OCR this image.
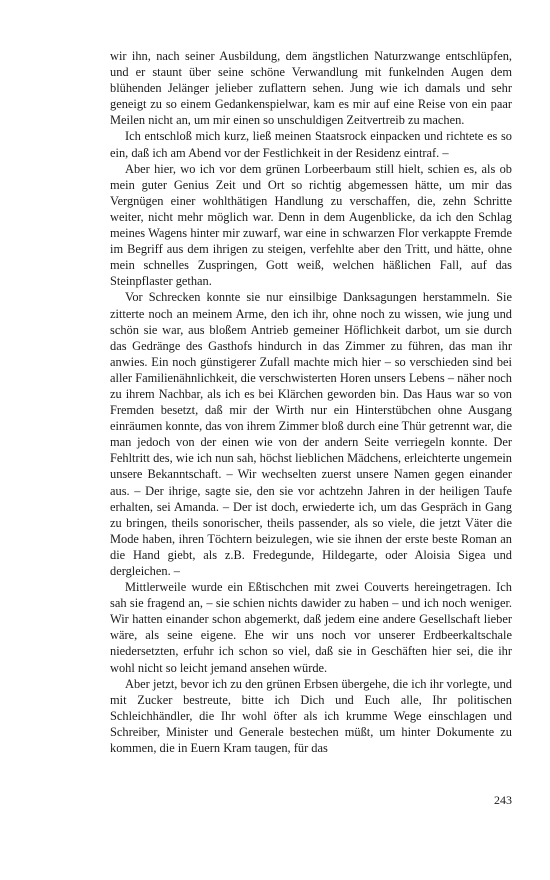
wir ihn, nach seiner Ausbildung, dem ängstlichen Naturzwange entschlüpfen, und er staunt über seine schöne Verwandlung mit funkelnden Augen dem blühenden Jelänger jelieber zuflattern sehen. Jung wie ich damals und sehr geneigt zu so einem Gedankenspielwar, kam es mir auf eine Reise von ein paar Meilen nicht an, um mir einen so unschuldigen Zeitvertreib zu machen.

Ich entschloß mich kurz, ließ meinen Staatsrock einpacken und richtete es so ein, daß ich am Abend vor der Festlichkeit in der Residenz eintraf. –

Aber hier, wo ich vor dem grünen Lorbeerbaum still hielt, schien es, als ob mein guter Genius Zeit und Ort so richtig abgemessen hätte, um mir das Vergnügen einer wohlthätigen Handlung zu verschaffen, die, zehn Schritte weiter, nicht mehr möglich war. Denn in dem Augenblicke, da ich den Schlag meines Wagens hinter mir zuwarf, war eine in schwarzen Flor verkappte Fremde im Begriff aus dem ihrigen zu steigen, verfehlte aber den Tritt, und hätte, ohne mein schnelles Zuspringen, Gott weiß, welchen häßlichen Fall, auf das Steinpflaster gethan.

Vor Schrecken konnte sie nur einsilbige Danksagungen herstammeln. Sie zitterte noch an meinem Arme, den ich ihr, ohne noch zu wissen, wie jung und schön sie war, aus bloßem Antrieb gemeiner Höflichkeit darbot, um sie durch das Gedränge des Gasthofs hindurch in das Zimmer zu führen, das man ihr anwies. Ein noch günstigerer Zufall machte mich hier – so verschieden sind bei aller Familienähnlichkeit, die verschwisterten Horen unsers Lebens – näher noch zu ihrem Nachbar, als ich es bei Klärchen geworden bin. Das Haus war so von Fremden besetzt, daß mir der Wirth nur ein Hinterstübchen ohne Ausgang einräumen konnte, das von ihrem Zimmer bloß durch eine Thür getrennt war, die man jedoch von der einen wie von der andern Seite verriegeln konnte. Der Fehltritt des, wie ich nun sah, höchst lieblichen Mädchens, erleichterte ungemein unsere Bekanntschaft. – Wir wechselten zuerst unsere Namen gegen einander aus. – Der ihrige, sagte sie, den sie vor achtzehn Jahren in der heiligen Taufe erhalten, sei Amanda. – Der ist doch, erwiederte ich, um das Gespräch in Gang zu bringen, theils sonorischer, theils passender, als so viele, die jetzt Väter die Mode haben, ihren Töchtern beizulegen, wie sie ihnen der erste beste Roman an die Hand giebt, als z.B. Fredegunde, Hildegarte, oder Aloisia Sigea und dergleichen. –

Mittlerweile wurde ein Eßtischchen mit zwei Couverts hereingetragen. Ich sah sie fragend an, – sie schien nichts dawider zu haben – und ich noch weniger. Wir hatten einander schon abgemerkt, daß jedem eine andere Gesellschaft lieber wäre, als seine eigene. Ehe wir uns noch vor unserer Erdbeerkaltschale niedersetzten, erfuhr ich schon so viel, daß sie in Geschäften hier sei, die ihr wohl nicht so leicht jemand ansehen würde.

Aber jetzt, bevor ich zu den grünen Erbsen übergehe, die ich ihr vorlegte, und mit Zucker bestreute, bitte ich Dich und Euch alle, Ihr politischen Schleichhändler, die Ihr wohl öfter als ich krumme Wege einschlagen und Schreiber, Minister und Generale bestechen müßt, um hinter Dokumente zu kommen, die in Euern Kram taugen, für das

243
